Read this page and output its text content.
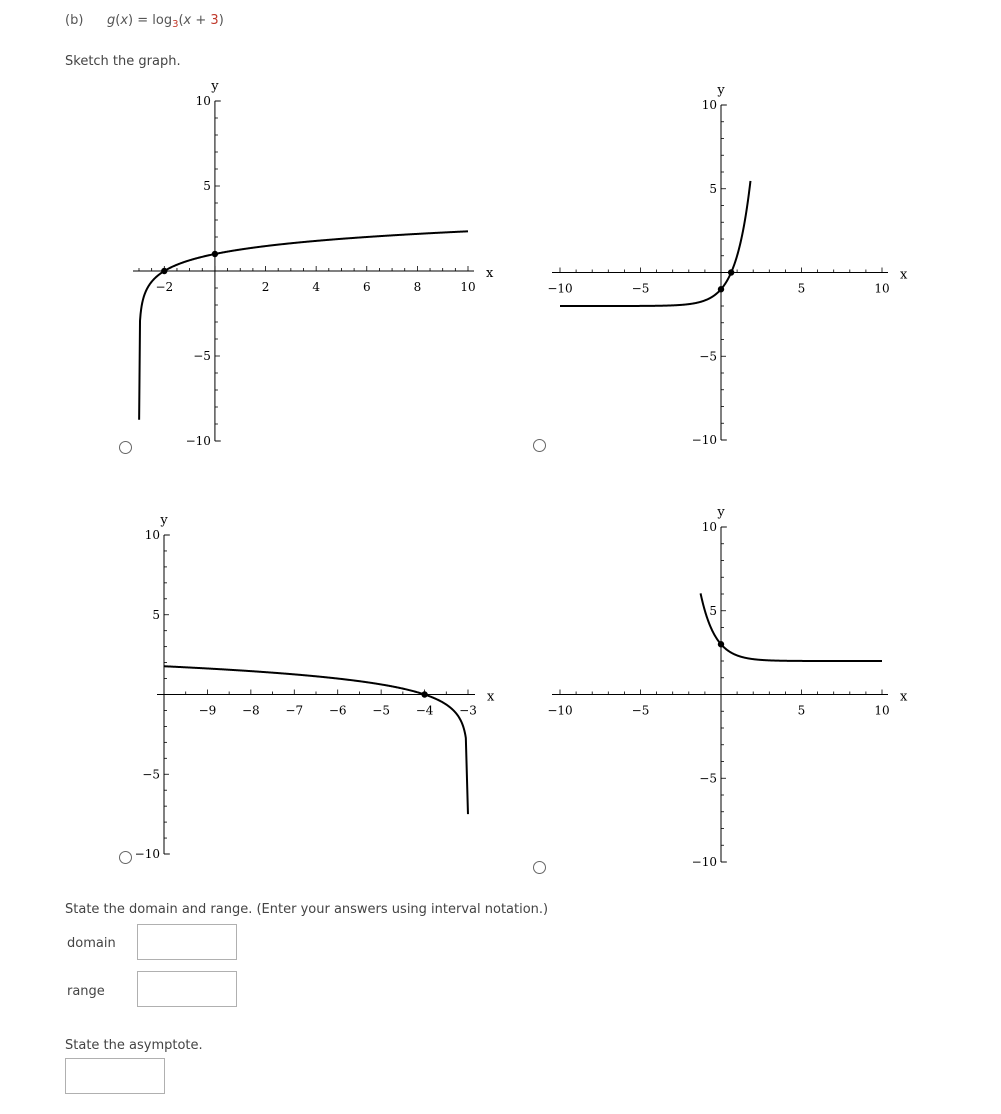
(b) $g(x) = \log_3(x + 3)$
Sketch the graph.
−2	2	4	6	8	10
10
5
−5
−10
x
y
−10	−5	5	10
10
5
−5
−10
x
y
−9 −8 −7 −6 −5 −4 −3
10
5
−5
−10
x
y
−10	−5	5	10
10
5
−5
−10
x
y
State the domain and range. (Enter your answers using interval notation.)
domain
range
State the asymptote.
